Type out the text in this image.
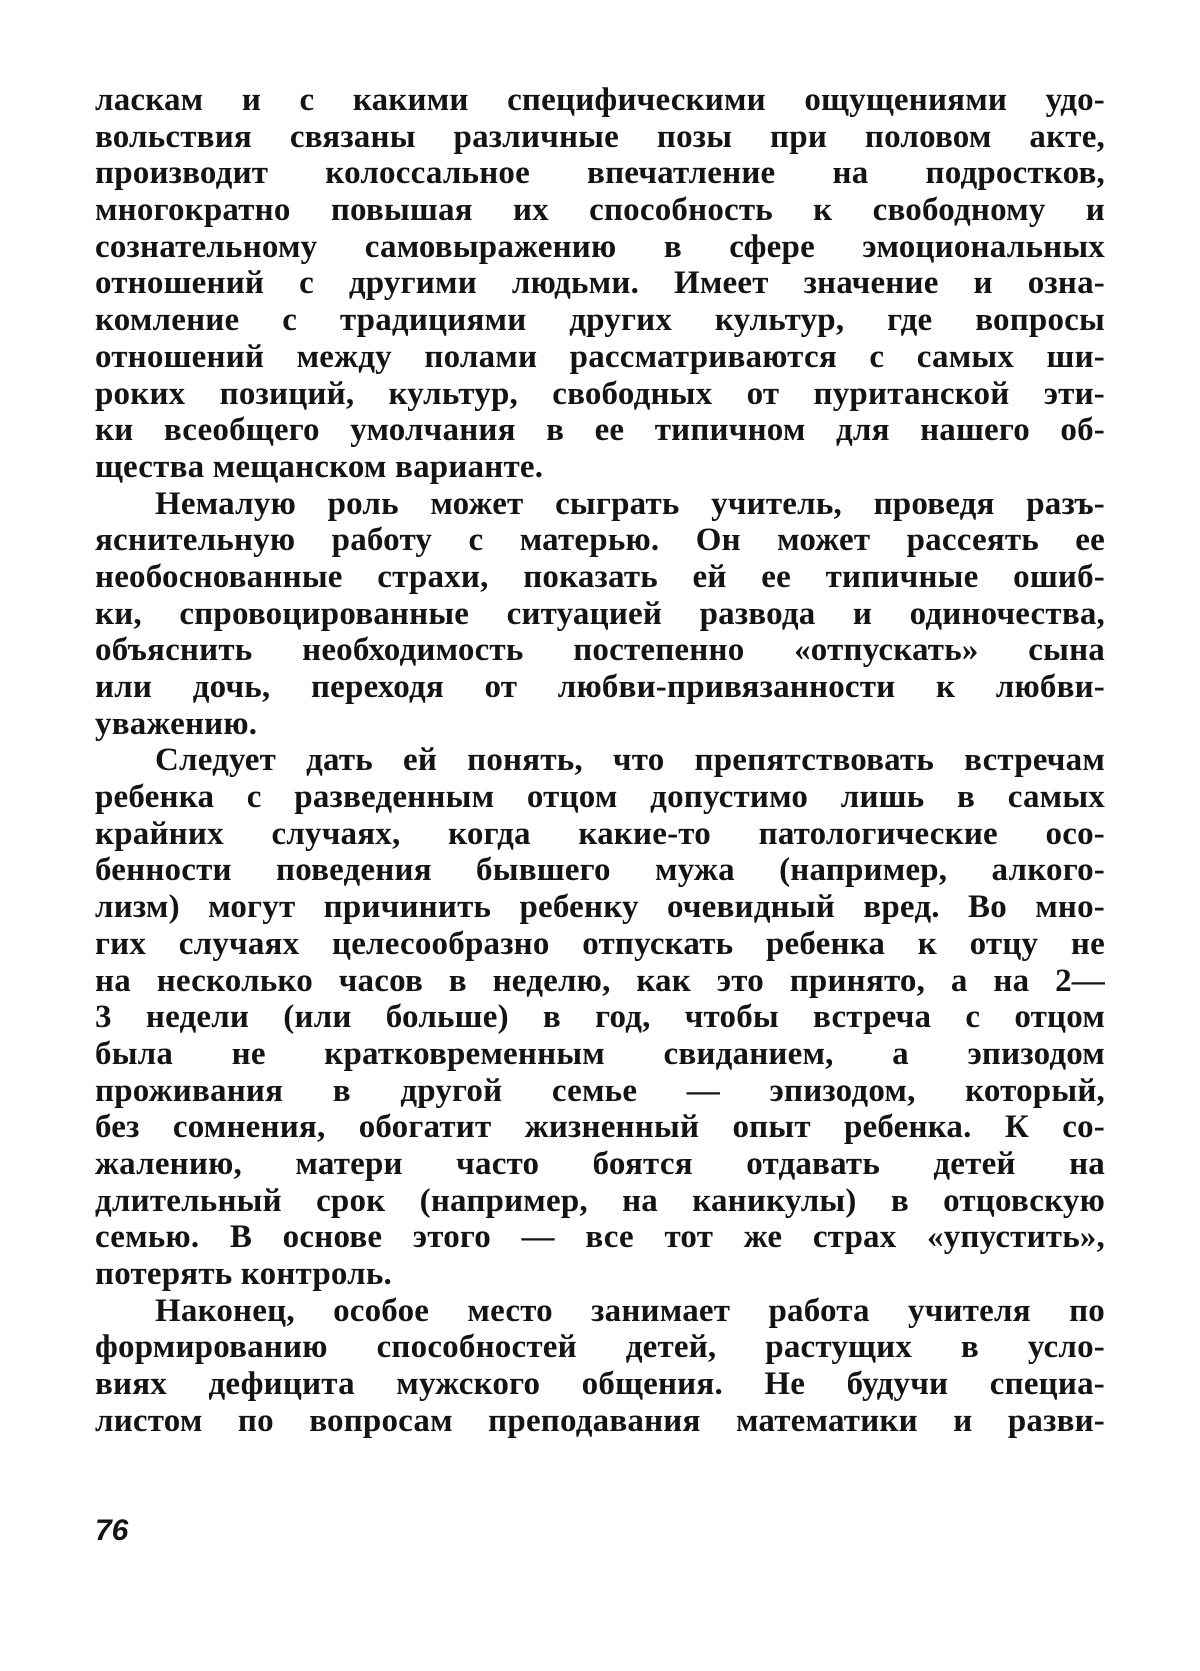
ласкам и с какими специфическими ощущениями удо-
вольствия связаны различные позы при половом акте,
производит колоссальное впечатление на подростков,
многократно повышая их способность к свободному и
сознательному самовыражению в сфере эмоциональных
отношений с другими людьми. Имеет значение и озна-
комление с традициями других культур, где вопросы
отношений между полами рассматриваются с самых ши-
роких позиций, культур, свободных от пуританской эти-
ки всеобщего умолчания в ее типичном для нашего об-
щества мещанском варианте.
Немалую роль может сыграть учитель, проведя разъ-
яснительную работу с матерью. Он может рассеять ее
необоснованные страхи, показать ей ее типичные ошиб-
ки, спровоцированные ситуацией развода и одиночества,
объяснить необходимость постепенно «отпускать» сына
или дочь, переходя от любви-привязанности к любви-
уважению.
Следует дать ей понять, что препятствовать встречам
ребенка с разведенным отцом допустимо лишь в самых
крайних случаях, когда какие-то патологические осо-
бенности поведения бывшего мужа (например, алкого-
лизм) могут причинить ребенку очевидный вред. Во мно-
гих случаях целесообразно отпускать ребенка к отцу не
на несколько часов в неделю, как это принято, а на 2—
3 недели (или больше) в год, чтобы встреча с отцом
была не кратковременным свиданием, а эпизодом
проживания в другой семье — эпизодом, который,
без сомнения, обогатит жизненный опыт ребенка. К со-
жалению, матери часто боятся отдавать детей на
длительный срок (например, на каникулы) в отцовскую
семью. В основе этого — все тот же страх «упустить»,
потерять контроль.
Наконец, особое место занимает работа учителя по
формированию способностей детей, растущих в усло-
виях дефицита мужского общения. Не будучи специа-
листом по вопросам преподавания математики и разви-
76
